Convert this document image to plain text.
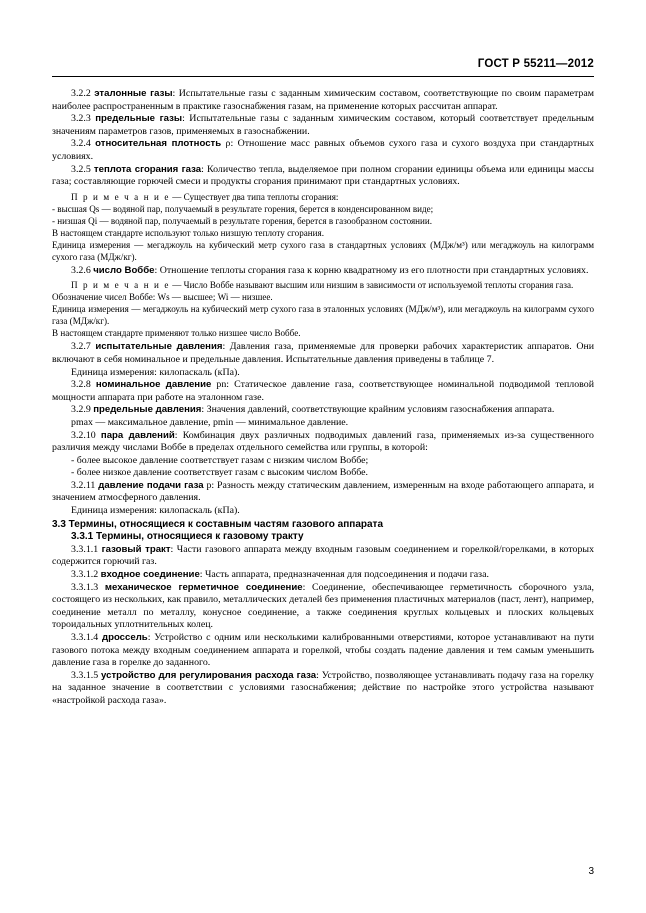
ГОСТ Р 55211—2012

3.2.2 эталонные газы: Испытательные газы с заданным химическим составом, соответствующие по своим параметрам наиболее распространенным в практике газоснабжения газам, на применение которых рассчитан аппарат.

3.2.3 предельные газы: Испытательные газы с заданным химическим составом, который соответствует предельным значениям параметров газов, применяемых в газоснабжении.

3.2.4 относительная плотность ρ: Отношение масс равных объемов сухого газа и сухого воздуха при стандартных условиях.

3.2.5 теплота сгорания газа: Количество тепла, выделяемое при полном сгорании единицы объема или единицы массы газа; составляющие горючей смеси и продукты сгорания принимают при стандартных условиях.

П р и м е ч а н и е — Существует два типа теплоты сгорания:

- высшая Qs — водяной пар, получаемый в результате горения, берется в конденсированном виде;

- низшая Qi — водяной пар, получаемый в результате горения, берется в газообразном состоянии.

В настоящем стандарте используют только низшую теплоту сгорания.

Единица измерения — мегаджоуль на кубический метр сухого газа в стандартных условиях (МДж/м³) или мегаджоуль на килограмм сухого газа (МДж/кг).

3.2.6 число Воббе: Отношение теплоты сгорания газа к корню квадратному из его плотности при стандартных условиях.

П р и м е ч а н и е — Число Воббе называют высшим или низшим в зависимости от используемой теплоты сгорания газа.

Обозначение чисел Воббе: Ws — высшее; Wi — низшее.

Единица измерения — мегаджоуль на кубический метр сухого газа в эталонных условиях (МДж/м³), или мегаджоуль на килограмм сухого газа (МДж/кг).

В настоящем стандарте применяют только низшее число Воббе.

3.2.7 испытательные давления: Давления газа, применяемые для проверки рабочих характеристик аппаратов. Они включают в себя номинальное и предельные давления. Испытательные давления приведены в таблице 7.

Единица измерения: килопаскаль (кПа).

3.2.8 номинальное давление pn: Статическое давление газа, соответствующее номинальной подводимой тепловой мощности аппарата при работе на эталонном газе.

3.2.9 предельные давления: Значения давлений, соответствующие крайним условиям газоснабжения аппарата.

pmax — максимальное давление, pmin — минимальное давление.

3.2.10 пара давлений: Комбинация двух различных подводимых давлений газа, применяемых из-за существенного различия между числами Воббе в пределах отдельного семейства или группы, в которой:

- более высокое давление соответствует газам с низким числом Воббе;

- более низкое давление соответствует газам с высоким числом Воббе.

3.2.11 давление подачи газа p: Разность между статическим давлением, измеренным на входе работающего аппарата, и значением атмосферного давления.

Единица измерения: килопаскаль (кПа).

3.3 Термины, относящиеся к составным частям газового аппарата

3.3.1 Термины, относящиеся к газовому тракту

3.3.1.1 газовый тракт: Части газового аппарата между входным газовым соединением и горелкой/горелками, в которых содержится горючий газ.

3.3.1.2 входное соединение: Часть аппарата, предназначенная для подсоединения и подачи газа.

3.3.1.3 механическое герметичное соединение: Соединение, обеспечивающее герметичность сборочного узла, состоящего из нескольких, как правило, металлических деталей без применения пластичных материалов (паст, лент), например, соединение металл по металлу, конусное соединение, а также соединения круглых кольцевых и плоских кольцевых тороидальных уплотнительных колец.

3.3.1.4 дроссель: Устройство с одним или несколькими калиброванными отверстиями, которое устанавливают на пути газового потока между входным соединением аппарата и горелкой, чтобы создать падение давления и тем самым уменьшить давление газа в горелке до заданного.

3.3.1.5 устройство для регулирования расхода газа: Устройство, позволяющее устанавливать подачу газа на горелку на заданное значение в соответствии с условиями газоснабжения; действие по настройке этого устройства называют «настройкой расхода газа».

3
